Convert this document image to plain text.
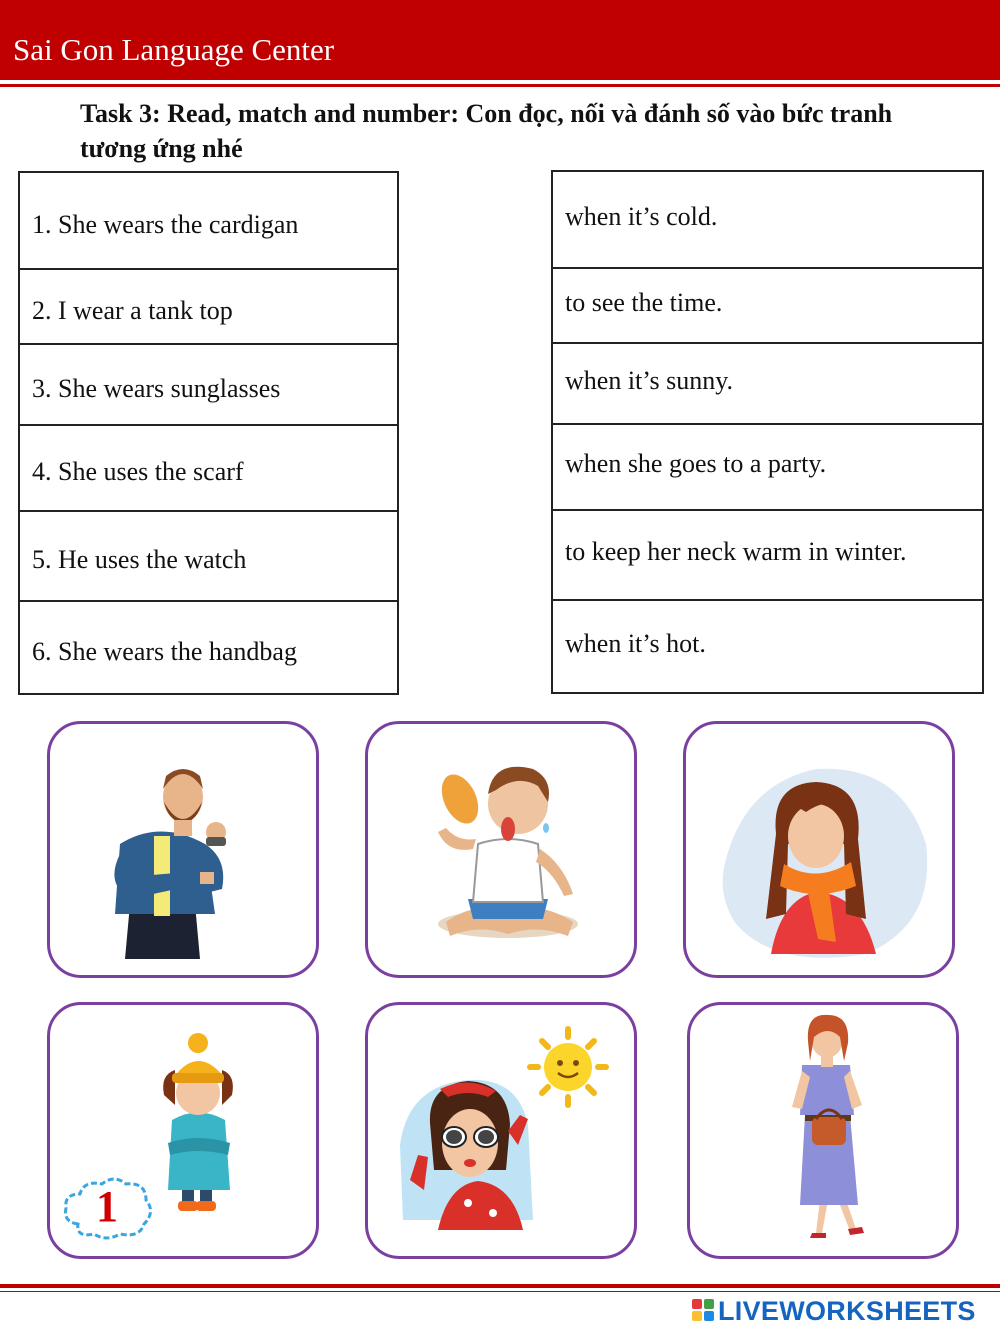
Sai Gon Language Center
Task 3: Read, match and number: Con đọc, nối và đánh số vào bức tranh tương ứng nhé
1. She wears the cardigan
2. I wear a tank top
3. She wears sunglasses
4. She uses the scarf
5. He uses the watch
6. She wears the handbag
when it’s cold.
to see the time.
when it’s sunny.
when she goes to a party.
to keep her neck warm in winter.
when it’s hot.
1
LIVEWORKSHEETS
